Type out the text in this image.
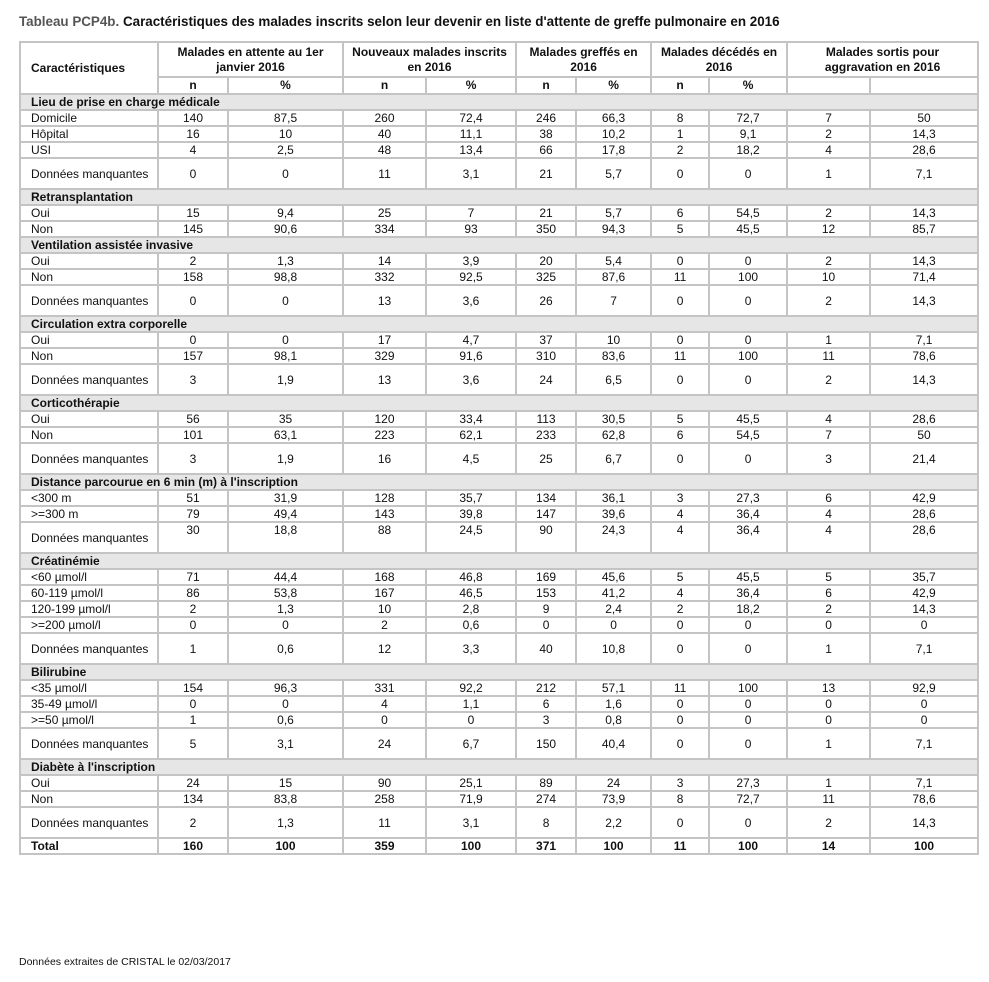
Tableau PCP4b. Caractéristiques des malades inscrits selon leur devenir en liste d'attente de greffe pulmonaire en 2016
Caractéristiques	Malades en attente au 1er janvier 2016		Nouveaux malades inscrits en 2016		Malades greffés en 2016		Malades décédés en 2016		Malades sortis pour aggravation en 2016	
	n	%	n	%	n	%	n	%		
Lieu de prise en charge médicale										
Domicile	140	87,5	260	72,4	246	66,3	8	72,7	7	50
Hôpital	16	10	40	11,1	38	10,2	1	9,1	2	14,3
USI	4	2,5	48	13,4	66	17,8	2	18,2	4	28,6
Données manquantes	0	0	11	3,1	21	5,7	0	0	1	7,1
Retransplantation										
Oui	15	9,4	25	7	21	5,7	6	54,5	2	14,3
Non	145	90,6	334	93	350	94,3	5	45,5	12	85,7
Ventilation assistée invasive										
Oui	2	1,3	14	3,9	20	5,4	0	0	2	14,3
Non	158	98,8	332	92,5	325	87,6	11	100	10	71,4
Données manquantes	0	0	13	3,6	26	7	0	0	2	14,3
Circulation extra corporelle										
Oui	0	0	17	4,7	37	10	0	0	1	7,1
Non	157	98,1	329	91,6	310	83,6	11	100	11	78,6
Données manquantes	3	1,9	13	3,6	24	6,5	0	0	2	14,3
Corticothérapie										
Oui	56	35	120	33,4	113	30,5	5	45,5	4	28,6
Non	101	63,1	223	62,1	233	62,8	6	54,5	7	50
Données manquantes	3	1,9	16	4,5	25	6,7	0	0	3	21,4
Distance parcourue en 6 min (m) à l'inscription										
<300 m	51	31,9	128	35,7	134	36,1	3	27,3	6	42,9
>=300 m	79	49,4	143	39,8	147	39,6	4	36,4	4	28,6
Données manquantes	30	18,8	88	24,5	90	24,3	4	36,4	4	28,6
Créatinémie										
<60 µmol/l	71	44,4	168	46,8	169	45,6	5	45,5	5	35,7
60-119 µmol/l	86	53,8	167	46,5	153	41,2	4	36,4	6	42,9
120-199 µmol/l	2	1,3	10	2,8	9	2,4	2	18,2	2	14,3
>=200 µmol/l	0	0	2	0,6	0	0	0	0	0	0
Données manquantes	1	0,6	12	3,3	40	10,8	0	0	1	7,1
Bilirubine										
<35 µmol/l	154	96,3	331	92,2	212	57,1	11	100	13	92,9
35-49 µmol/l	0	0	4	1,1	6	1,6	0	0	0	0
>=50 µmol/l	1	0,6	0	0	3	0,8	0	0	0	0
Données manquantes	5	3,1	24	6,7	150	40,4	0	0	1	7,1
Diabète à l'inscription										
Oui	24	15	90	25,1	89	24	3	27,3	1	7,1
Non	134	83,8	258	71,9	274	73,9	8	72,7	11	78,6
Données manquantes	2	1,3	11	3,1	8	2,2	0	0	2	14,3
Total	160	100	359	100	371	100	11	100	14	100
Données extraites de CRISTAL le 02/03/2017
